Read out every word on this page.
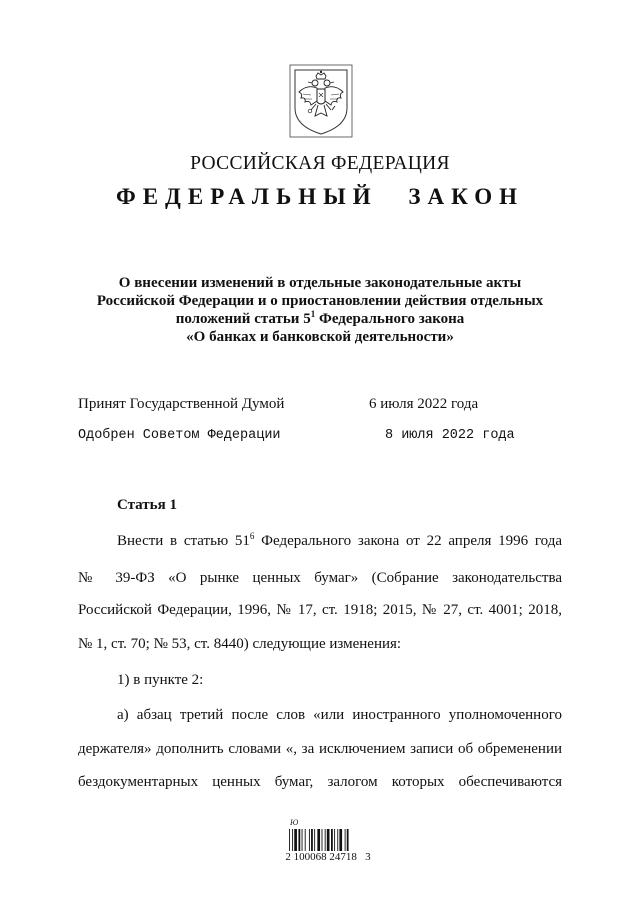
РОССИЙСКАЯ ФЕДЕРАЦИЯ
ФЕДЕРАЛЬНЫЙ ЗАКОН
О внесении изменений в отдельные законодательные акты
Российской Федерации и о приостановлении действия отдельных
положений статьи $5^1$ Федерального закона
«О банках и банковской деятельности»
Принят Государственной Думой	6 июля 2022 года
Одобрен Советом Федерации	8 июля 2022 года
Статья 1
Внести в статью $51^6$ Федерального закона от 22 апреля 1996 года
№ 39-ФЗ «О рынке ценных бумаг» (Собрание законодательства
Российской Федерации, 1996, № 17, ст. 1918; 2015, № 27, ст. 4001; 2018,
№ 1, ст. 70; № 53, ст. 8440) следующие изменения:
1) в пункте 2:
а) абзац третий после слов «или иностранного уполномоченного
держателя» дополнить словами «, за исключением записи об обременении
бездокументарных ценных бумаг, залогом которых обеспечиваются
Ю
2 100068 24718   3
